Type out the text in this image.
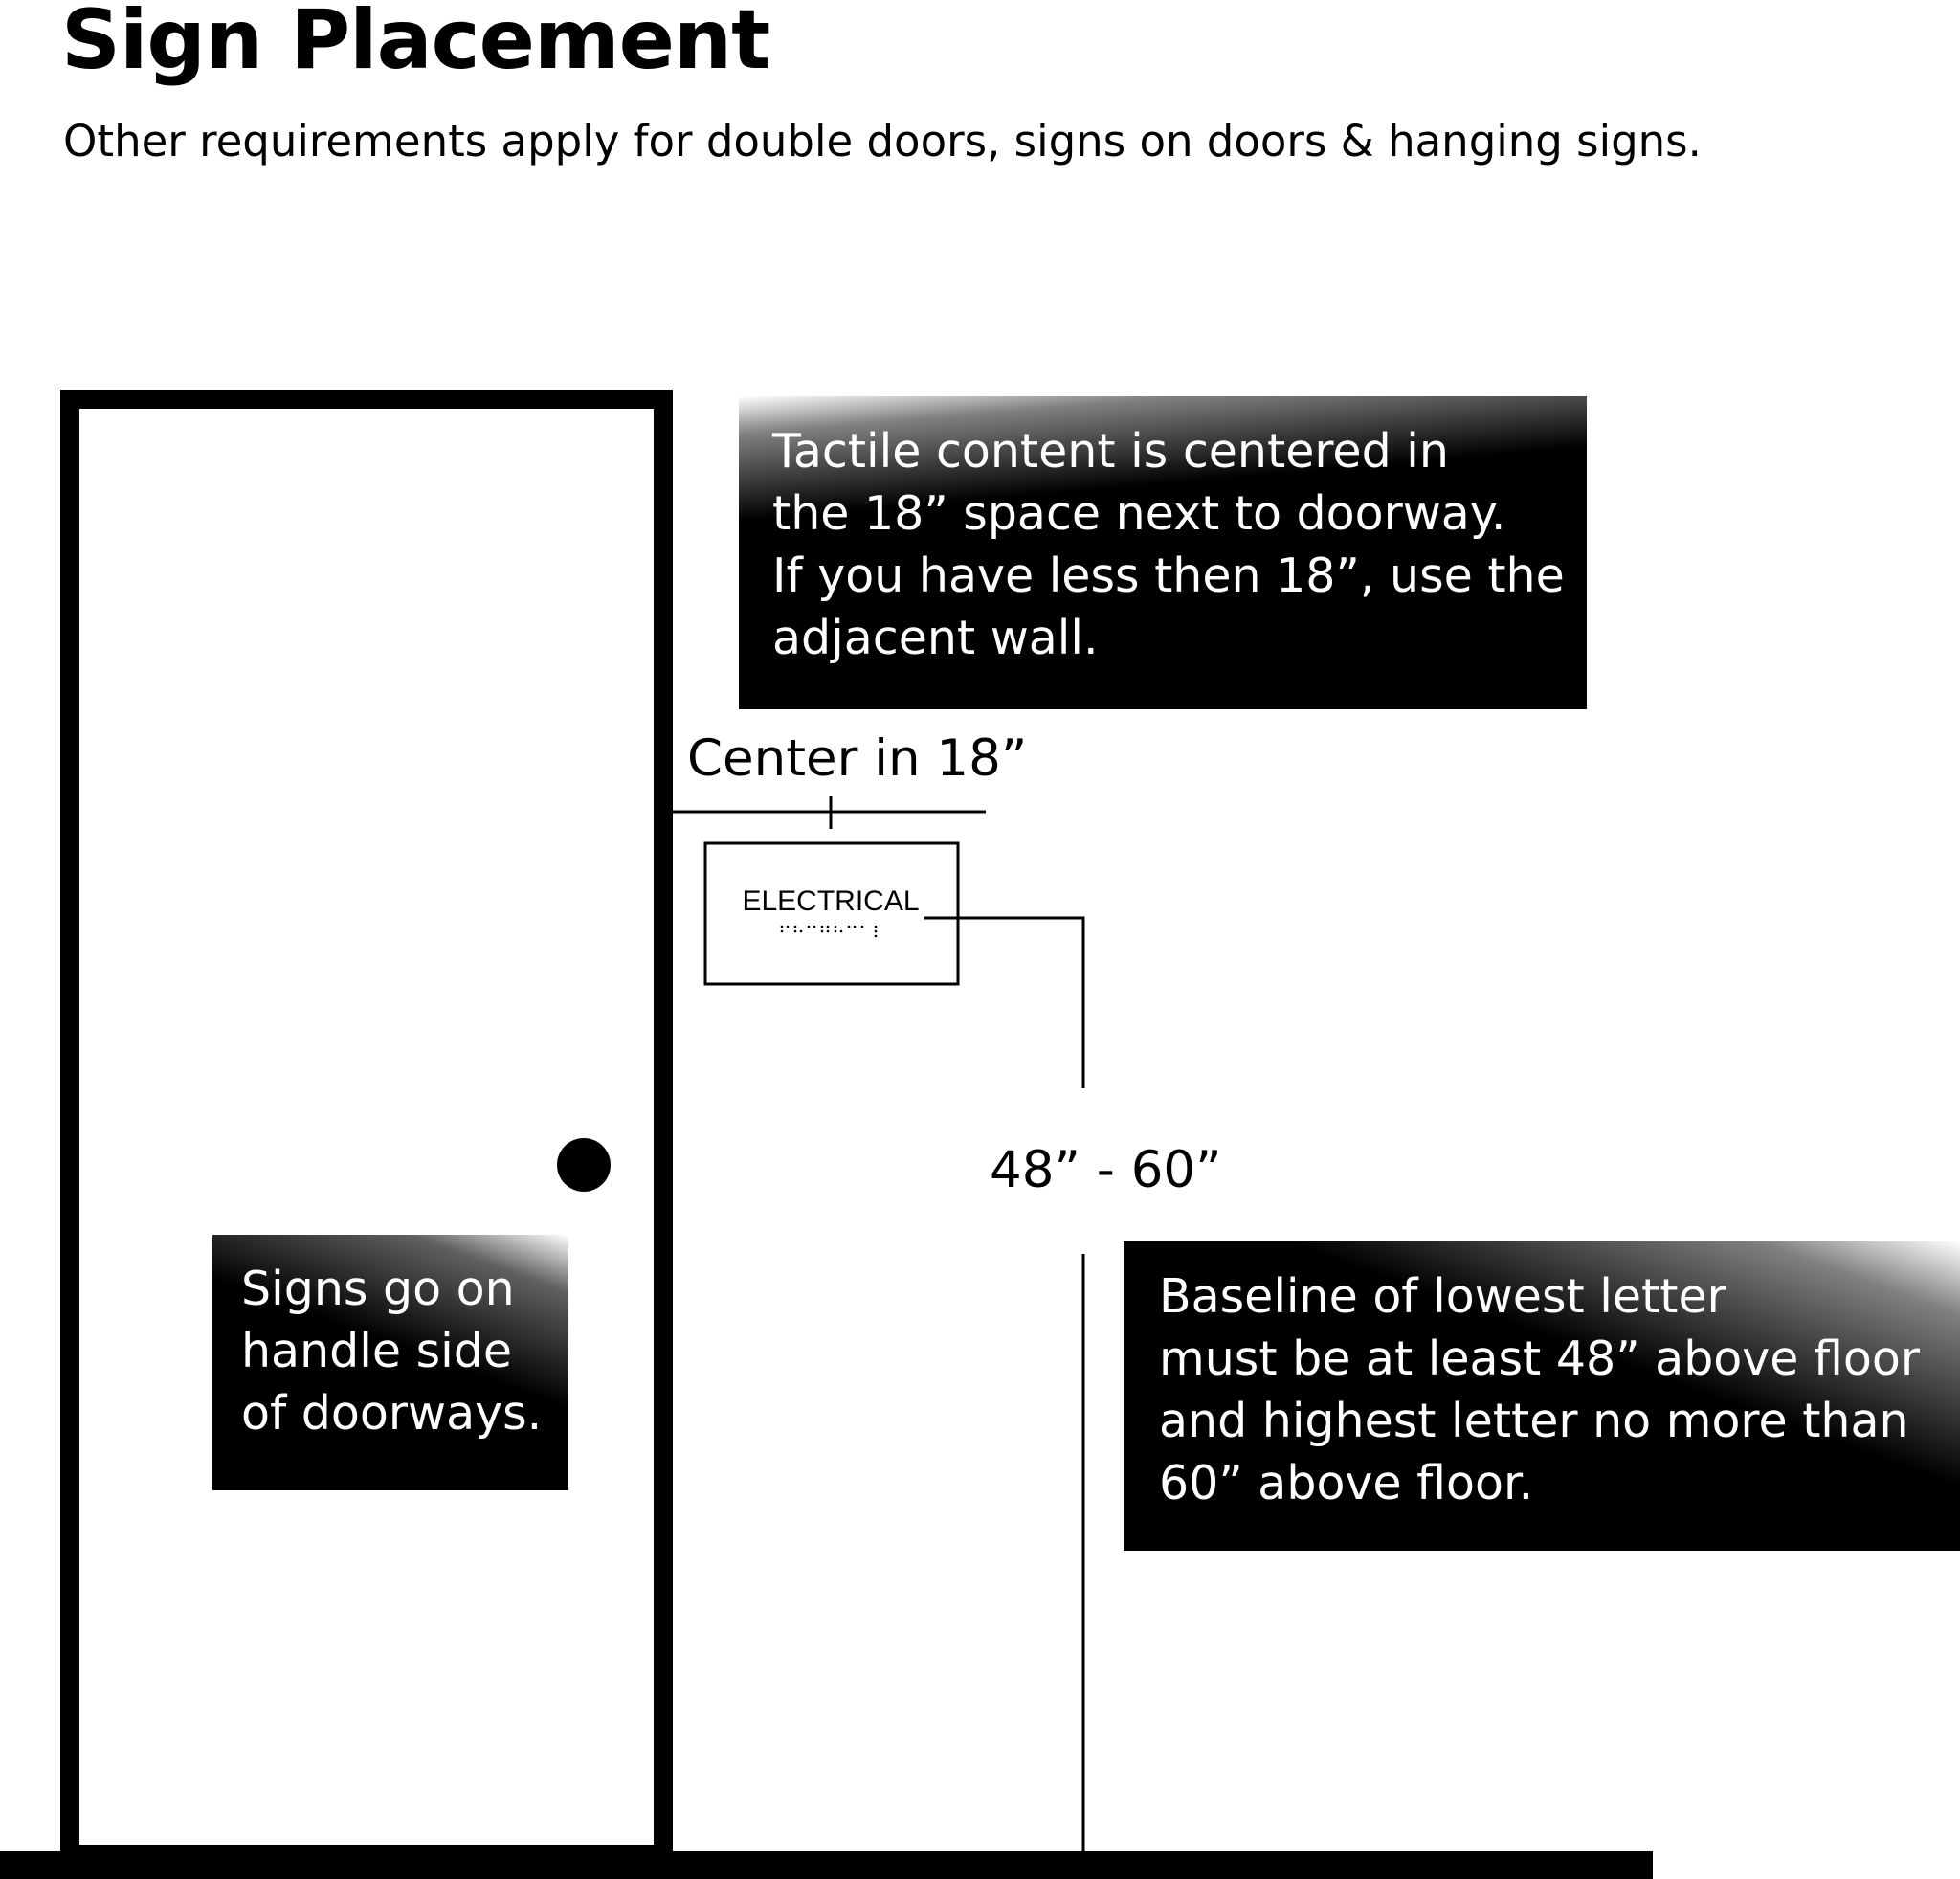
Sign Placement

Other requirements apply for double doors, signs on doors & hanging signs.

ELECTRICAL
Center in 18”
48” - 60”
Tactile content is centered in
the 18” space next to doorway.
If you have less then 18”, use the
adjacent wall.
Signs go on
handle side
of doorways.
Baseline of lowest letter
must be at least 48” above floor
and highest letter no more than
60” above floor.
